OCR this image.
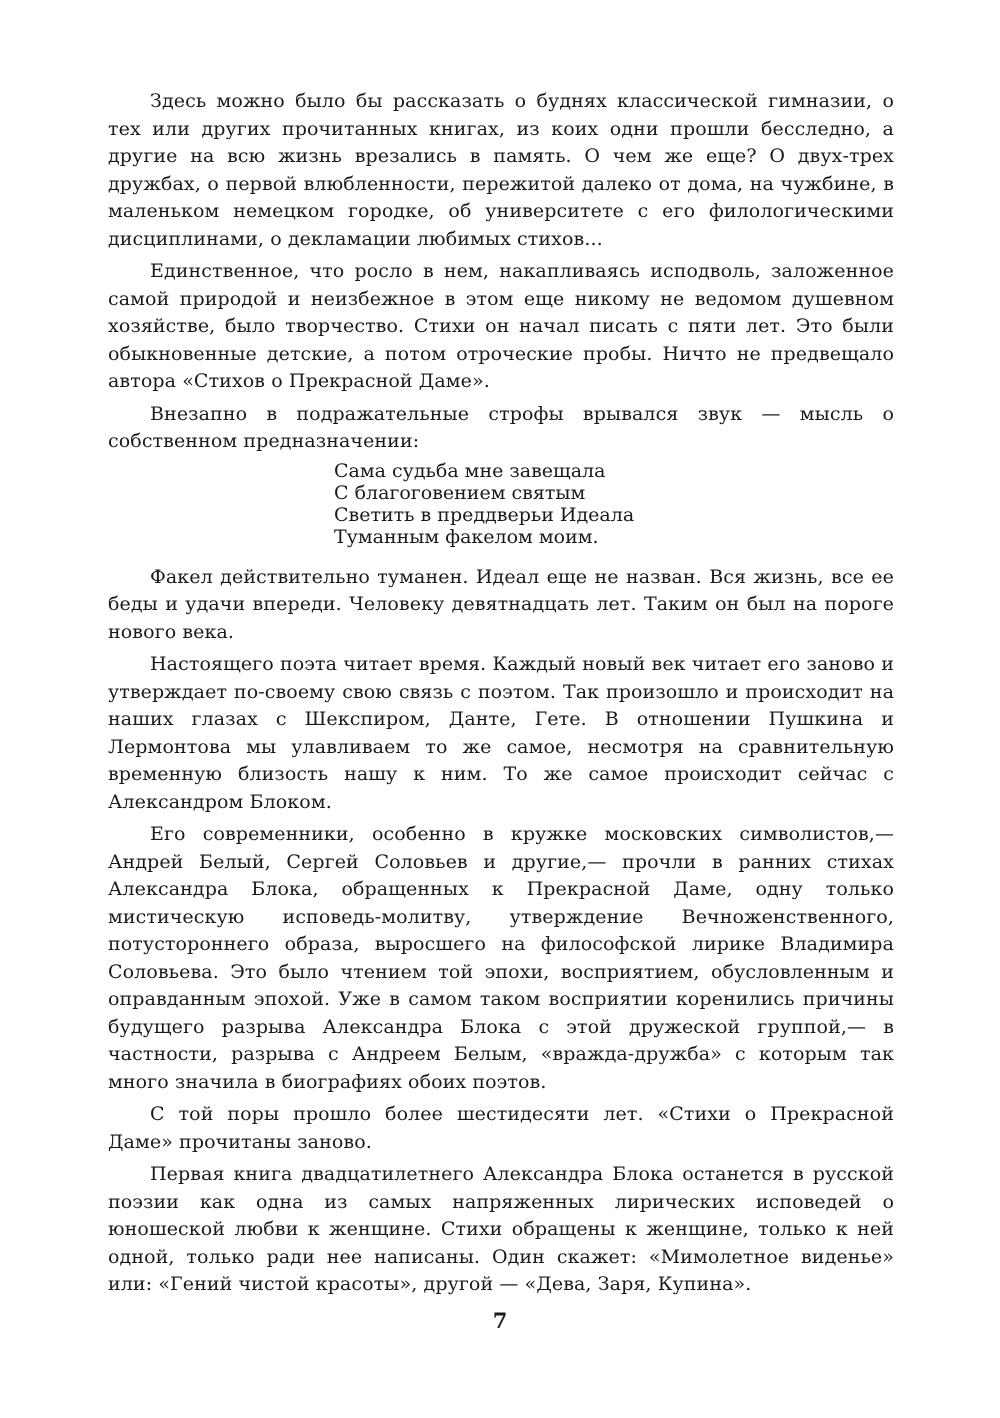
Здесь можно было бы рассказать о буднях классической гимназии, о тех или других прочитанных книгах, из коих одни прошли бесследно, а другие на всю жизнь врезались в память. О чем же еще? О двух-трех дружбах, о первой влюбленности, пережитой далеко от дома, на чужбине, в маленьком немецком городке, об университете с его филологическими дисциплинами, о декламации любимых стихов...

Единственное, что росло в нем, накапливаясь исподволь, заложенное самой природой и неизбежное в этом еще никому не ведомом душевном хозяйстве, было творчество. Стихи он начал писать с пяти лет. Это были обыкновенные детские, а потом отроческие пробы. Ничто не предвещало автора «Стихов о Прекрасной Даме».

Внезапно в подражательные строфы врывался звук — мысль о собственном предназначении:

Сама судьба мне завещала
С благоговением святым
Светить в преддверьи Идеала
Туманным факелом моим.

Факел действительно туманен. Идеал еще не назван. Вся жизнь, все ее беды и удачи впереди. Человеку девятнадцать лет. Таким он был на пороге нового века.

Настоящего поэта читает время. Каждый новый век читает его заново и утверждает по-своему свою связь с поэтом. Так произошло и происходит на наших глазах с Шекспиром, Данте, Гете. В отношении Пушкина и Лермонтова мы улавливаем то же самое, несмотря на сравнительную временную близость нашу к ним. То же самое происходит сейчас с Александром Блоком.

Его современники, особенно в кружке московских символистов,— Андрей Белый, Сергей Соловьев и другие,— прочли в ранних стихах Александра Блока, обращенных к Прекрасной Даме, одну только мистическую исповедь-молитву, утверждение Вечноженственного, потустороннего образа, выросшего на философской лирике Владимира Соловьева. Это было чтением той эпохи, восприятием, обусловленным и оправданным эпохой. Уже в самом таком восприятии коренились причины будущего разрыва Александра Блока с этой дружеской группой,— в частности, разрыва с Андреем Белым, «вражда-дружба» с которым так много значила в биографиях обоих поэтов.

С той поры прошло более шестидесяти лет. «Стихи о Прекрасной Даме» прочитаны заново.

Первая книга двадцатилетнего Александра Блока останется в русской поэзии как одна из самых напряженных лирических исповедей о юношеской любви к женщине. Стихи обращены к женщине, только к ней одной, только ради нее написаны. Один скажет: «Мимолетное виденье» или: «Гений чистой красоты», другой — «Дева, Заря, Купина».

7
